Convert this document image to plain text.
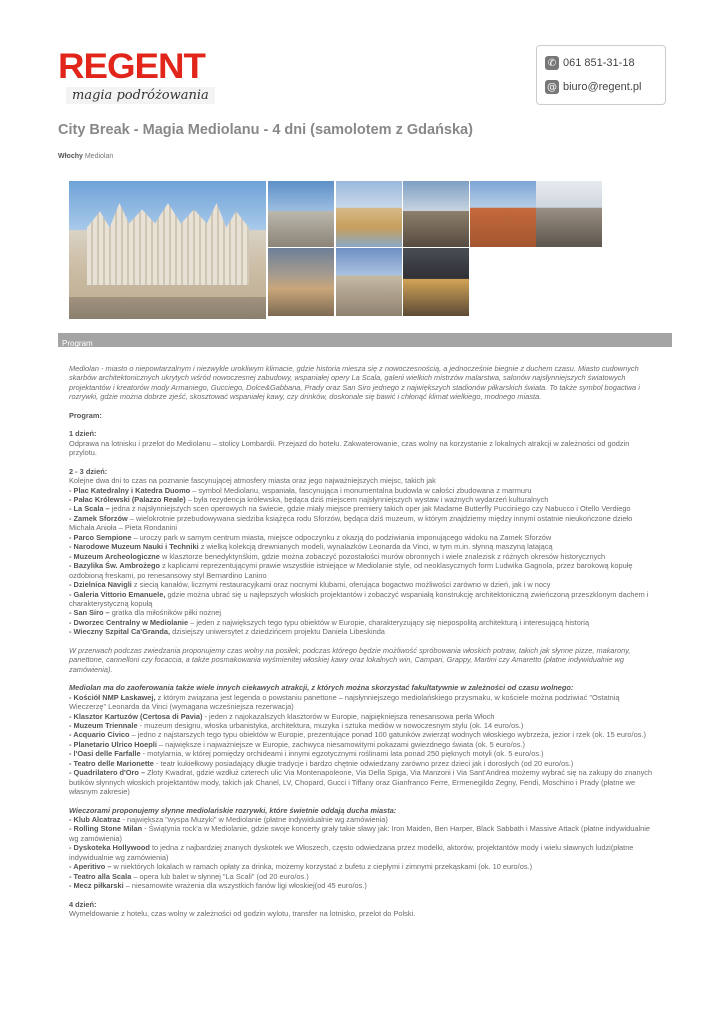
REGENT
magia podróżowania
✆ 061 851-31-18
@ biuro@regent.pl
City Break - Magia Mediolanu - 4 dni (samolotem z Gdańska)
Włochy Mediolan
Program

Mediolan - miasto o niepowtarzalnym i niezwykle urokliwym klimacie, gdzie historia miesza się z nowoczesnością, a jednocześnie biegnie z duchem czasu. Miasto cudownych skarbów architektonicznych ukrytych wśród nowoczesnej zabudowy, wspaniałej opery La Scala, galerii wielkich mistrzów malarstwa, salonów najsłynniejszych światowych projektantów i kreatorów mody Armaniego, Gucciego, Dolce&Gabbana, Prady oraz San Siro jednego z największych stadionów piłkarskich świata. To także symbol bogactwa i rozrywki, gdzie można dobrze zjeść, skosztować wspaniałej kawy, czy drinków, doskonale się bawić i chłonąć klimat wielkiego, modnego miasta.

Program:

1 dzień:

Odprawa na lotnisku i przelot do Mediolanu – stolicy Lombardii. Przejazd do hotelu. Zakwaterowanie, czas wolny na korzystanie z lokalnych atrakcji w zależności od godzin przylotu.

2 - 3 dzień:

Kolejne dwa dni to czas na poznanie fascynującej atmosfery miasta oraz jego najważniejszych miejsc, takich jak

- Plac Katedralny i Katedra Duomo – symbol Mediolanu, wspaniała, fascynująca i monumentalna budowla w całości zbudowana z marmuru

- Pałac Królewski (Palazzo Reale) – była rezydencja królewska, będąca dziś miejscem najsłynniejszych wystaw i ważnych wydarzeń kulturalnych

- La Scala – jedna z najsłynniejszych scen operowych na świecie, gdzie miały miejsce premiery takich oper jak Madame Butterfly Pucciniego czy Nabucco i Otello Verdiego

- Zamek Sforzów – wielokrotnie przebudowywana siedziba książęca rodu Sforzów, będąca dziś muzeum, w którym znajdziemy między innymi ostatnie nieukończone dzieło Michała Anioła – Pieta Rondanini

- Parco Sempione – uroczy park w samym centrum miasta, miejsce odpoczynku z okazją do podziwiania imponującego widoku na Zamek Sforzów

- Narodowe Muzeum Nauki i Techniki z wielką kolekcją drewnianych modeli, wynalazków Leonarda da Vinci, w tym m.in. słynną maszyną latającą

- Muzeum Archeologiczne w klasztorze benedyktynśkim, gdzie można zobaczyć pozostałości murów obronnych i wiele znalezisk z różnych okresów historycznych

- Bazylika Św. Ambrożego z kaplicami reprezentującymi prawie wszystkie istniejące w Mediolanie style, od neoklasycznych form Ludwika Gagnola, przez barokową kopułę ozdobioną freskami, po renesansowy styl Bernardino Lanino

- Dzielnica Navigli z siecią kanałów, licznymi restauracyjkami oraz nocnymi klubami, oferująca bogactwo możliwości zarówno w dzień, jak i w nocy

- Galeria Vittorio Emanuele, gdzie można ubrać się u najlepszych włoskich projektantów i zobaczyć wspaniałą konstrukcję architektoniczną zwieńczoną przeszklonym dachem i charakterystyczną kopułą

- San Siro – gratka dla miłośników piłki nożnej

- Dworzec Centralny w Mediolanie – jeden z największych tego typu obiektów w Europie, charakteryzujący się niepospolitą architekturą i interesującą historią

- Wieczny Szpital Ca'Granda, dzisiejszy uniwersytet z dziedzińcem projektu Daniela Libeskinda

W przerwach podczas zwiedzania proponujemy czas wolny na posiłek, podczas którego będzie możliwość spróbowania włoskich potraw, takich jak słynne pizze, makarony, panettone, cannelloni czy focaccia, a także posmakowania wyśmienitej włoskiej kawy oraz lokalnych win, Campari, Grappy, Martini czy Amaretto (płatne indywidualnie wg zamówienia).

Mediolan ma do zaoferowania także wiele innych ciekawych atrakcji, z których można skorzystać fakultatywnie w zależności od czasu wolnego:

- Kościół NMP Łaskawej, z którym związana jest legenda o powstaniu panettone – najsłynniejszego mediolańskiego przysmaku, w kościele można podziwiać "Ostatnią Wieczerzę" Leonarda da Vinci (wymagana wcześniejsza rezerwacja)

- Klasztor Kartuzów (Certosa di Pavia) - jeden z najokazalszych klasztorów w Europie, najpiękniejsza renesansowa perła Włoch

- Muzeum Triennale - muzeum designu, włoska urbanistyka, architektura, muzyka i sztuka mediów w nowoczesnym stylu (ok. 14 euro/os.)

- Acquario Civico – jedno z najstarszych tego typu obiektów w Europie, prezentujące ponad 100 gatunków zwierząt wodnych włoskiego wybrzeża, jezior i rzek (ok. 15 euro/os.)

- Planetario Ulrico Hoepli – największe i najważniejsze w Europie, zachwyca niesamowitymi pokazami gwiezdnego świata (ok. 5 euro/os.)

- l'Oasi delle Farfalle - motylarnia, w której pomiędzy orchideami i innymi egzotycznymi roślinami lata ponad 250 pięknych motyli (ok. 5 euro/os.)

- Teatro delle Marionette - teatr kukiełkowy posiadający długie tradycje i bardzo chętnie odwiedzany zarówno przez dzieci jak i dorosłych (od 20 euro/os.)

- Quadrilatero d'Oro – Złoty Kwadrat, gdzie wzdłuż czterech ulic Via Montenapoleone, Via Della Spiga, Via Manzoni i Via Sant'Andrea możemy wybrać się na zakupy do znanych butików słynnych włoskich projektantów mody, takich jak Chanel, LV, Chopard, Gucci i Tiffany oraz Gianfranco Ferre, Ermenegildo Zegny, Fendi, Moschino i Prady (płatne we własnym zakresie)

Wieczorami proponujemy słynne mediolańskie rozrywki, które świetnie oddają ducha miasta:

- Klub Alcatraz - największa "wyspa Muzyki" w Mediolanie (płatne indywidualnie wg zamówienia)

- Rolling Stone Milan - Świątynia rock'a w Mediolanie, gdzie swoje koncerty grały takie sławy jak: Iron Maiden, Ben Harper, Black Sabbath i Massive Attack (płatne indywidualnie wg zamówienia)

- Dyskoteka Hollywood to jedna z najbardziej znanych dyskotek we Włoszech, często odwiedzana przez modelki, aktorów, projektantów mody i wielu sławnych ludzi(płatne indywidualnie wg zamówienia)

- Aperitivo – w niektórych lokalach w ramach opłaty za drinka, możemy korzystać z bufetu z ciepłymi i zimnymi przekąskami (ok. 10 euro/os.)

- Teatro alla Scala – opera lub balet w słynnej "La Scali" (od 20 euro/os.)

- Mecz piłkarski – niesamowite wrażenia dla wszystkich fanów ligi włoskiej(od 45 euro/os.)

4 dzień:

Wymeldowanie z hotelu, czas wolny w zależności od godzin wylotu, transfer na lotnisko, przelot do Polski.
